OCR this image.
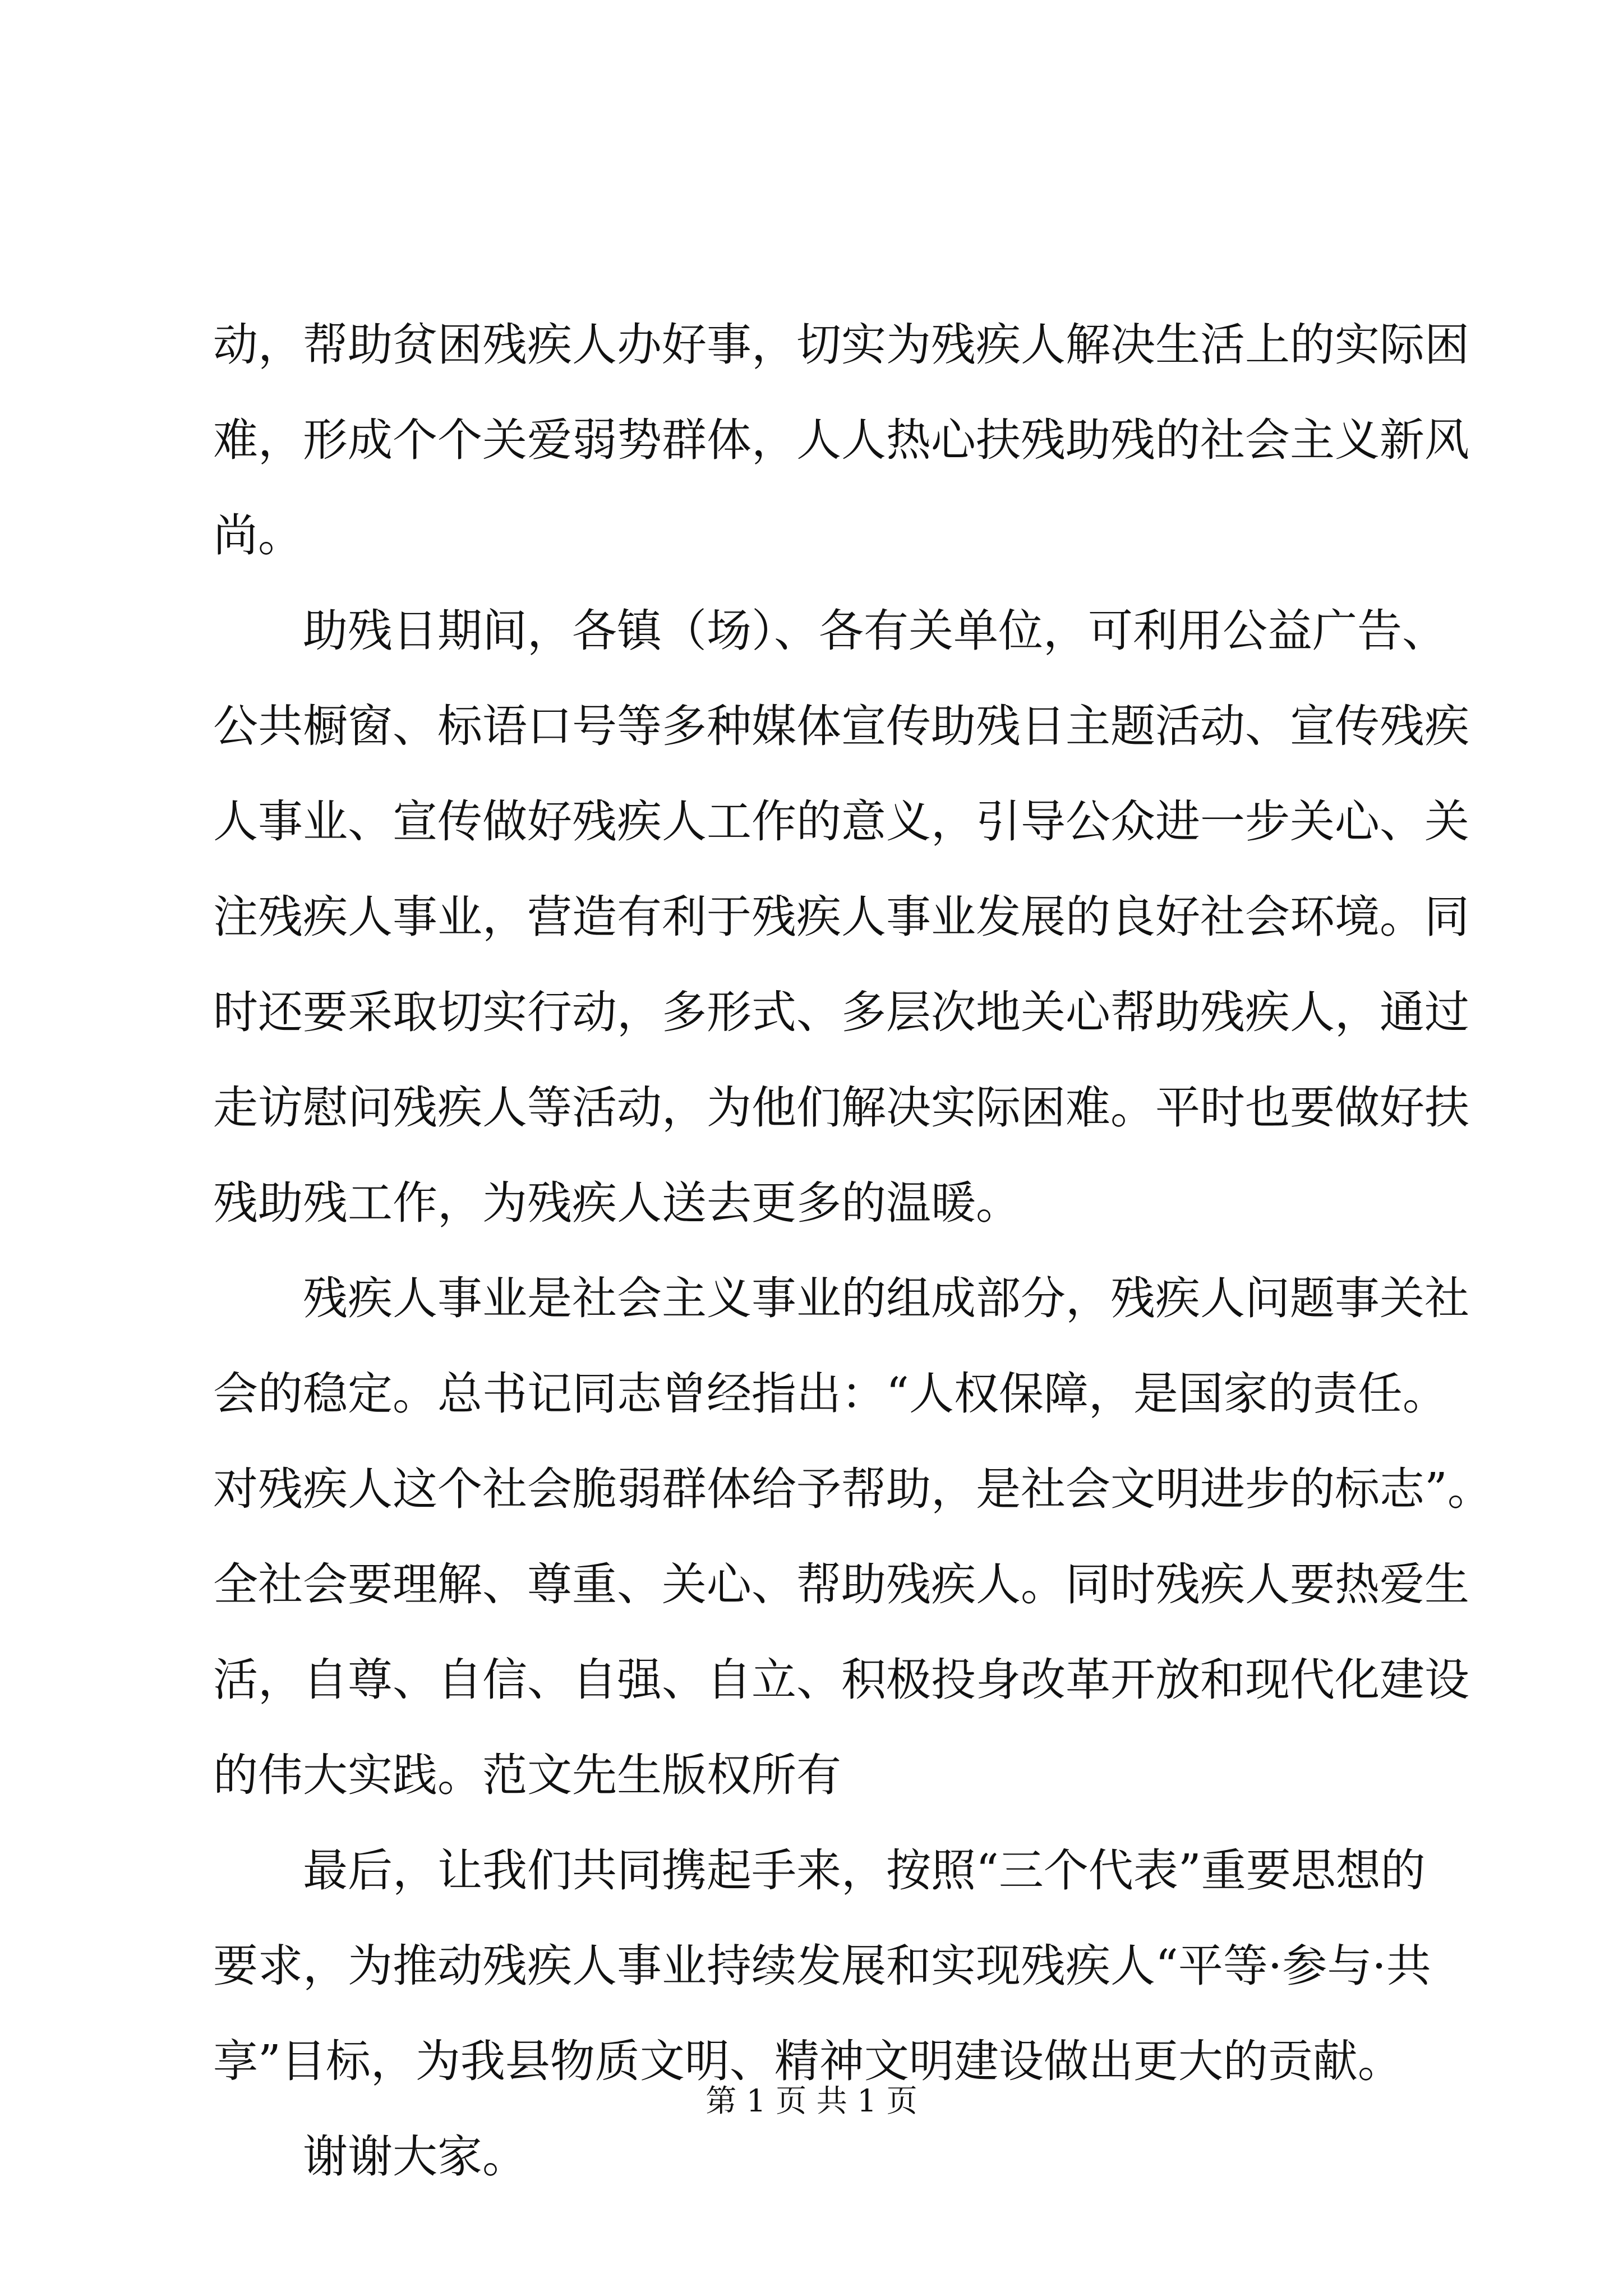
动，帮助贫困残疾人办好事，切实为残疾人解决生活上的实际困
难，形成个个关爱弱势群体，人人热心扶残助残的社会主义新风
尚。
助残日期间，各镇（场）、各有关单位，可利用公益广告、
公共橱窗、标语口号等多种媒体宣传助残日主题活动、宣传残疾
人事业、宣传做好残疾人工作的意义，引导公众进一步关心、关
注残疾人事业，营造有利于残疾人事业发展的良好社会环境。同
时还要采取切实行动，多形式、多层次地关心帮助残疾人，通过
走访慰问残疾人等活动，为他们解决实际困难。平时也要做好扶
残助残工作，为残疾人送去更多的温暖。
残疾人事业是社会主义事业的组成部分，残疾人问题事关社
会的稳定。总书记同志曾经指出：“人权保障，是国家的责任。
对残疾人这个社会脆弱群体给予帮助，是社会文明进步的标志”。
全社会要理解、尊重、关心、帮助残疾人。同时残疾人要热爱生
活，自尊、自信、自强、自立、积极投身改革开放和现代化建设
的伟大实践。范文先生版权所有
最后，让我们共同携起手来，按照“三个代表”重要思想的
要求，为推动残疾人事业持续发展和实现残疾人“平等·参与·共
享”目标，为我县物质文明、精神文明建设做出更大的贡献。
谢谢大家。
第 1 页 共 1 页
